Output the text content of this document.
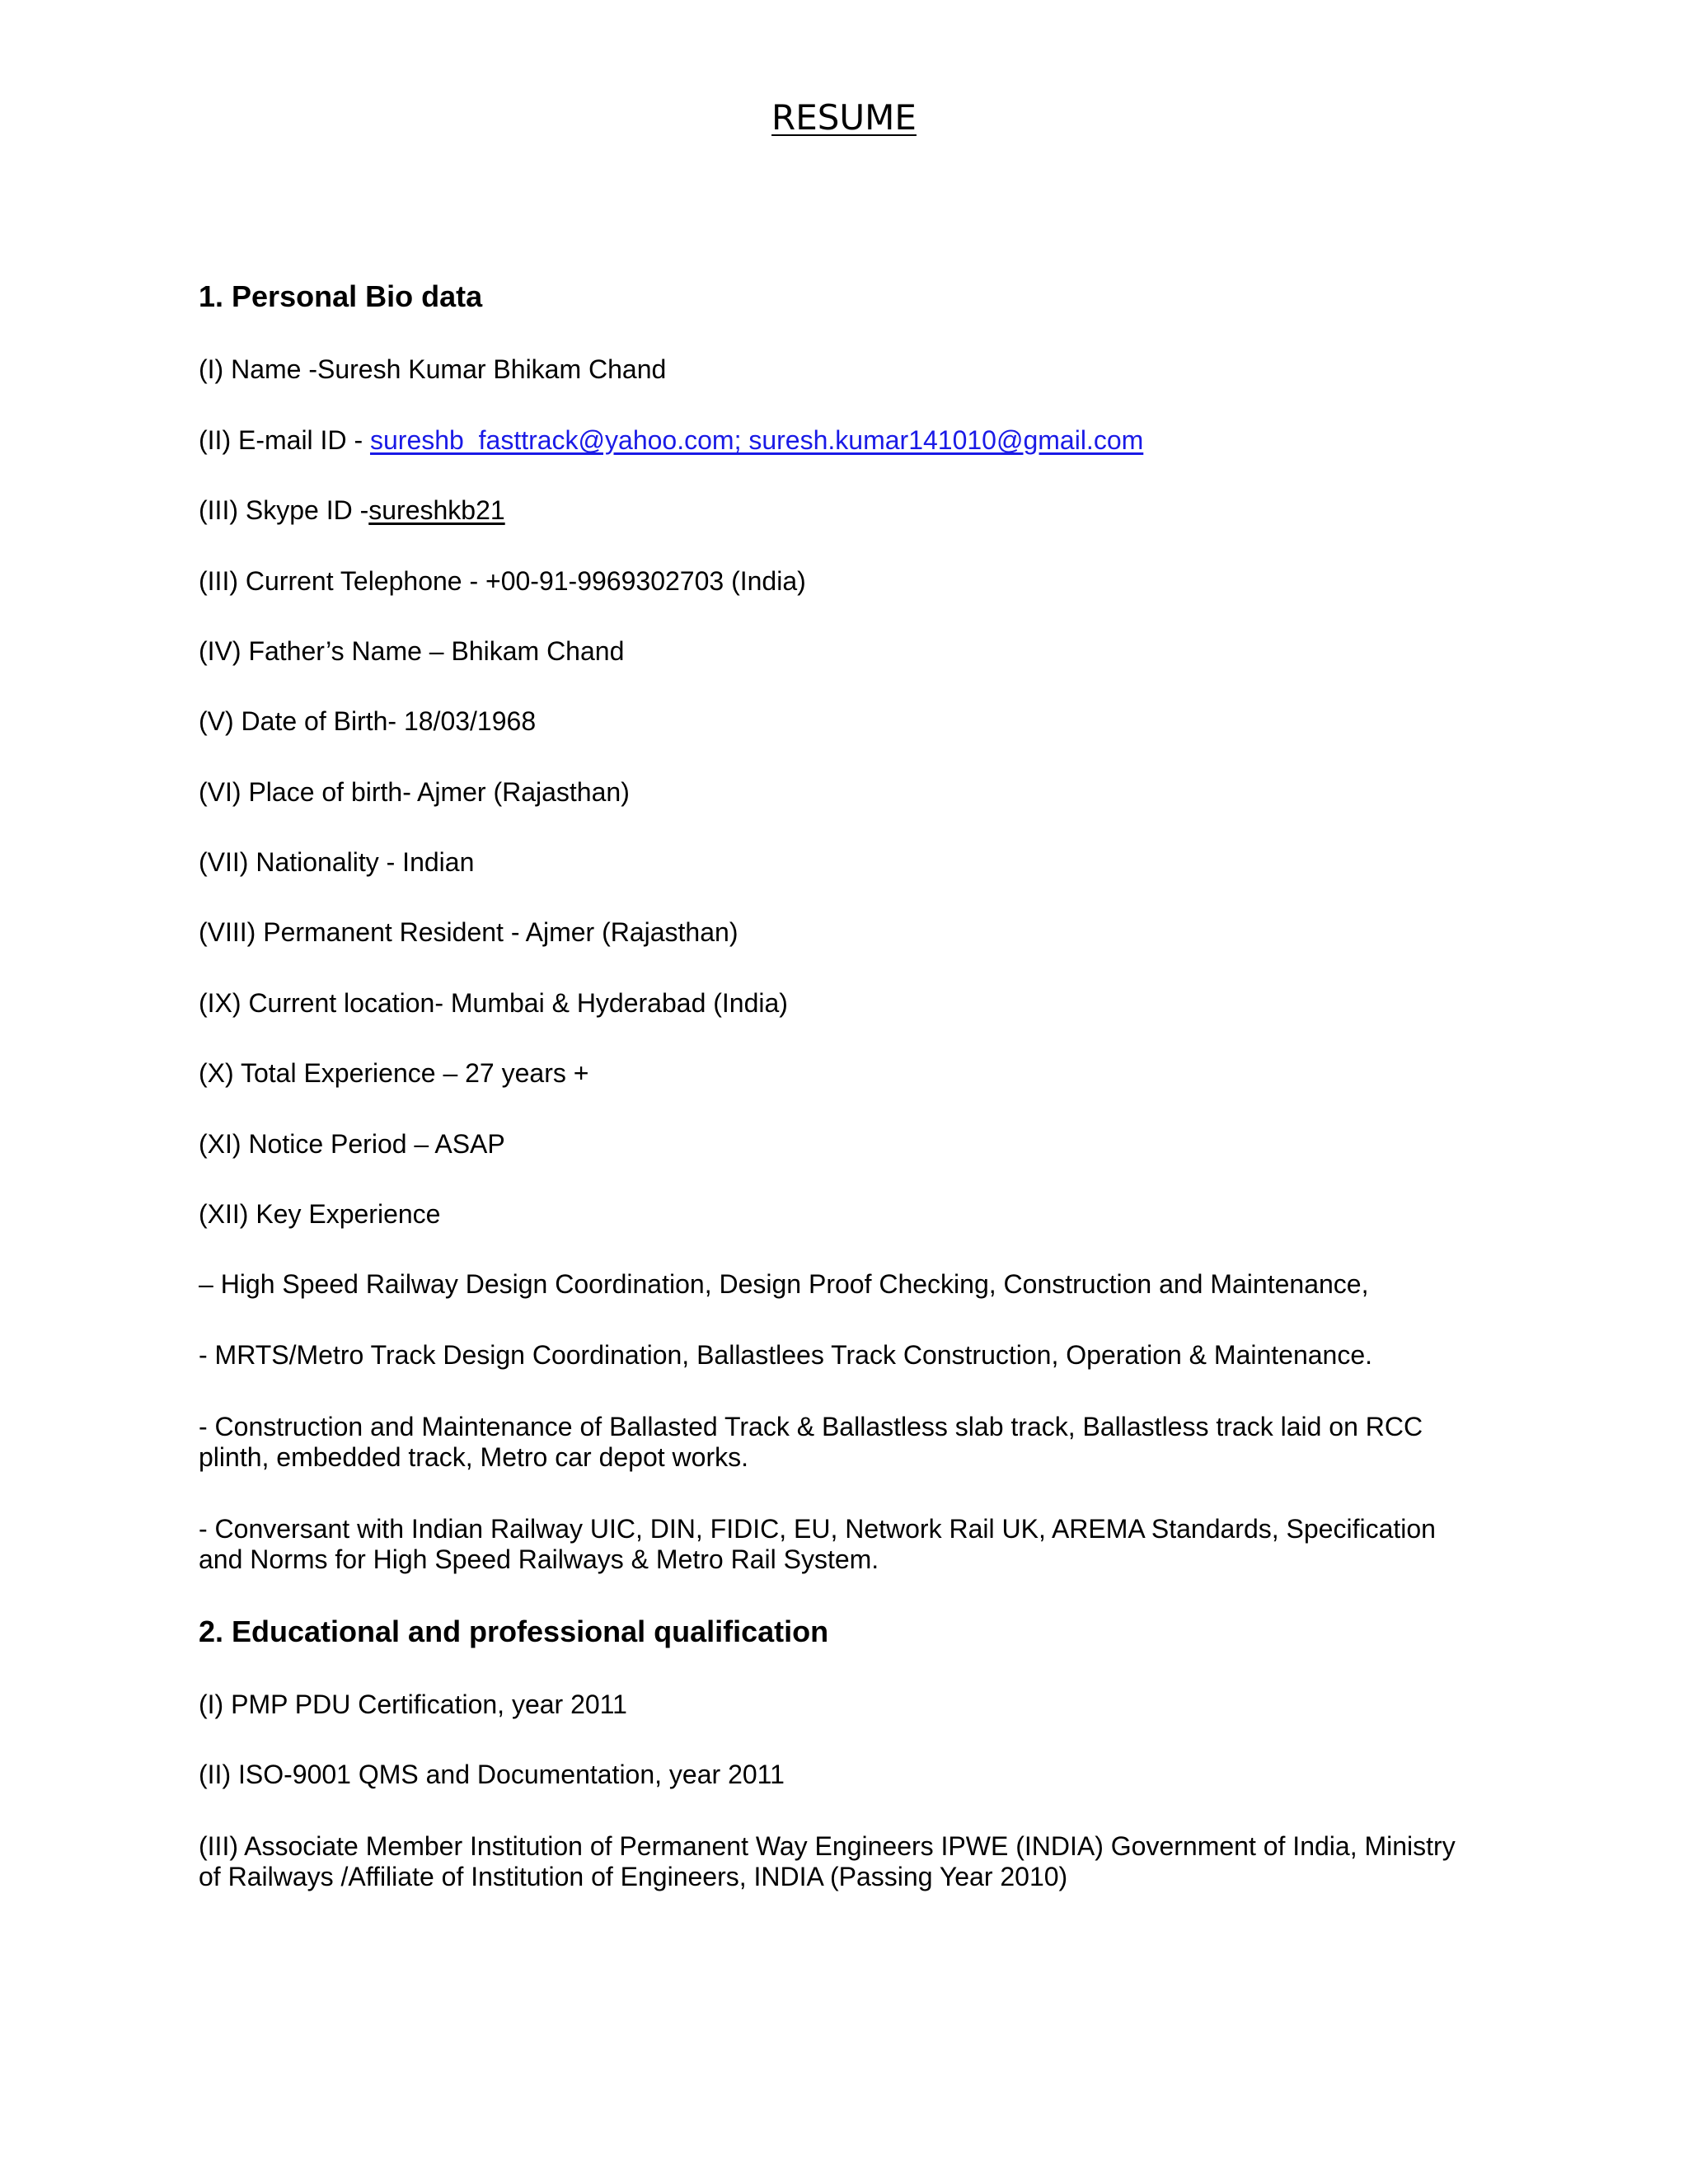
RESUME
1. Personal Bio data
(I) Name -Suresh Kumar Bhikam Chand
(II) E-mail ID - sureshb_fasttrack@yahoo.com; suresh.kumar141010@gmail.com
(III) Skype ID -sureshkb21
(III) Current Telephone - +00-91-9969302703 (India)
(IV) Father’s Name – Bhikam Chand
(V) Date of Birth- 18/03/1968
(VI) Place of birth- Ajmer (Rajasthan)
(VII) Nationality - Indian
(VIII) Permanent Resident - Ajmer (Rajasthan)
(IX) Current location- Mumbai & Hyderabad (India)
(X) Total Experience – 27 years +
(XI) Notice Period – ASAP
(XII) Key Experience
– High Speed Railway Design Coordination, Design Proof Checking, Construction and Maintenance,
- MRTS/Metro Track Design Coordination, Ballastlees Track Construction, Operation & Maintenance.
- Construction and Maintenance of Ballasted Track & Ballastless slab track, Ballastless track laid on RCC plinth, embedded track, Metro car depot works.
- Conversant with Indian Railway UIC, DIN, FIDIC, EU, Network Rail UK, AREMA Standards, Specification and Norms for High Speed Railways & Metro Rail System.
2. Educational and professional qualification
(I) PMP PDU Certification, year 2011
(II) ISO-9001 QMS and Documentation, year 2011
(III) Associate Member Institution of Permanent Way Engineers IPWE (INDIA) Government of India, Ministry of Railways /Affiliate of Institution of Engineers, INDIA (Passing Year 2010)
